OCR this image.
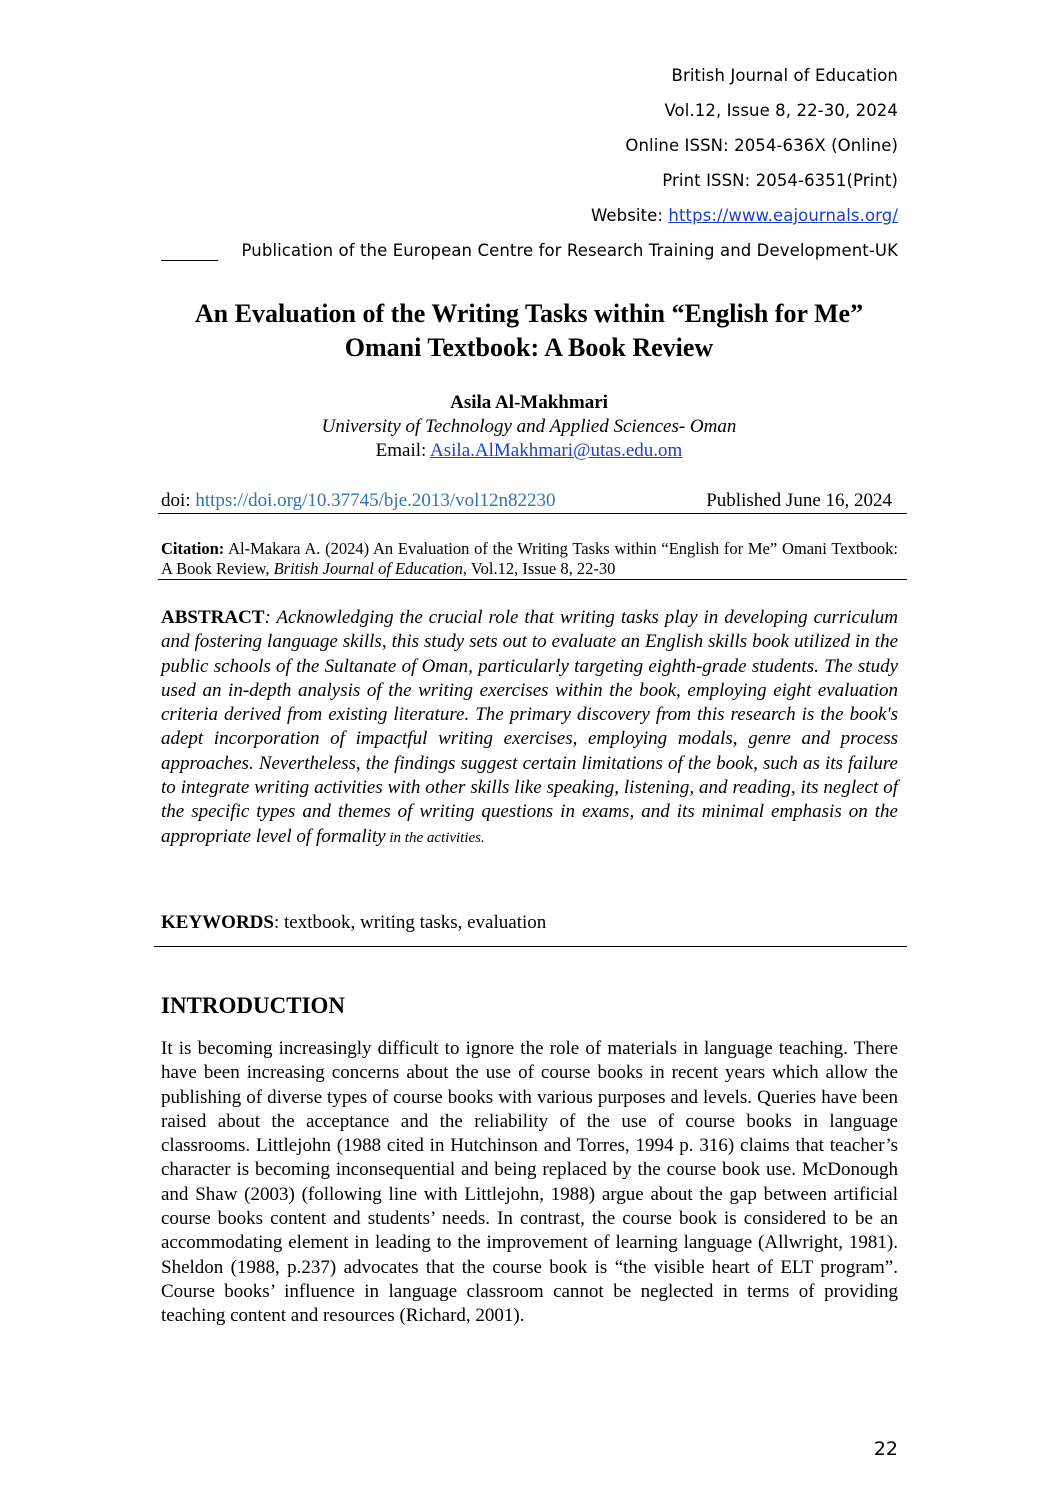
British Journal of Education
Vol.12, Issue 8, 22-30, 2024
Online ISSN: 2054-636X (Online)
Print ISSN: 2054-6351(Print)
Website: https://www.eajournals.org/
Publication of the European Centre for Research Training and Development-UK
An Evaluation of the Writing Tasks within “English for Me”
Omani Textbook: A Book Review
Asila Al-Makhmari
University of Technology and Applied Sciences- Oman
Email: Asila.AlMakhmari@utas.edu.om
doi: https://doi.org/10.37745/bje.2013/vol12n82230	Published June 16, 2024
Citation: Al-Makara A. (2024) An Evaluation of the Writing Tasks within “English for Me” Omani Textbook: A Book Review, British Journal of Education, Vol.12, Issue 8, 22-30
ABSTRACT: Acknowledging the crucial role that writing tasks play in developing curriculum and fostering language skills, this study sets out to evaluate an English skills book utilized in the public schools of the Sultanate of Oman, particularly targeting eighth-grade students. The study used an in-depth analysis of the writing exercises within the book, employing eight evaluation criteria derived from existing literature. The primary discovery from this research is the book's adept incorporation of impactful writing exercises, employing modals, genre and process approaches. Nevertheless, the findings suggest certain limitations of the book, such as its failure to integrate writing activities with other skills like speaking, listening, and reading, its neglect of the specific types and themes of writing questions in exams, and its minimal emphasis on the appropriate level of formality in the activities.
KEYWORDS: textbook, writing tasks, evaluation
INTRODUCTION
It is becoming increasingly difficult to ignore the role of materials in language teaching. There have been increasing concerns about the use of course books in recent years which allow the publishing of diverse types of course books with various purposes and levels. Queries have been raised about the acceptance and the reliability of the use of course books in language classrooms. Littlejohn (1988 cited in Hutchinson and Torres, 1994 p. 316) claims that teacher’s character is becoming inconsequential and being replaced by the course book use. McDonough and Shaw (2003) (following line with Littlejohn, 1988) argue about the gap between artificial course books content and students’ needs. In contrast, the course book is considered to be an accommodating element in leading to the improvement of learning language (Allwright, 1981). Sheldon (1988, p.237) advocates that the course book is “the visible heart of ELT program”. Course books’ influence in language classroom cannot be neglected in terms of providing teaching content and resources (Richard, 2001).
22
